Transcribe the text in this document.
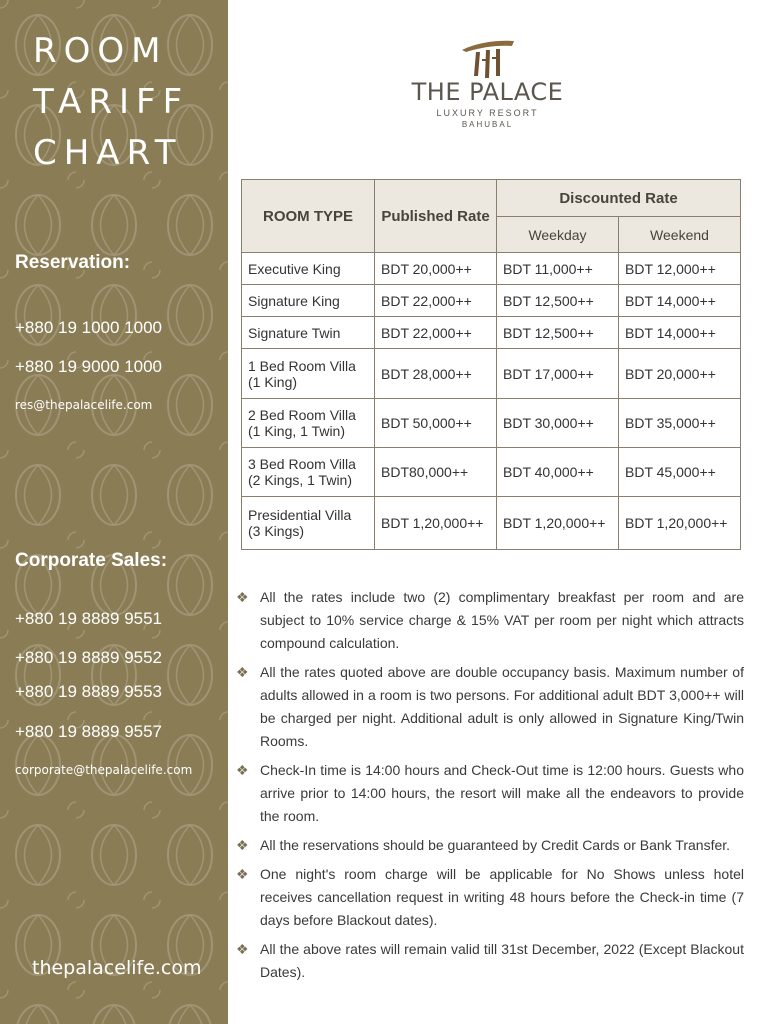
ROOM
TARIFF
CHART
Reservation:
+880 19 1000 1000
+880 19 9000 1000
res@thepalacelife.com
Corporate Sales:
+880 19 8889 9551
+880 19 8889 9552
+880 19 8889 9553
+880 19 8889 9557
corporate@thepalacelife.com
thepalacelife.com
THE PALACE
LUXURY RESORT
BAHUBAL
ROOM TYPE	Published Rate	Discounted Rate	
		Weekday	Weekend
Executive King	BDT 20,000++	BDT 11,000++	BDT 12,000++
Signature King	BDT 22,000++	BDT 12,500++	BDT 14,000++
Signature Twin	BDT 22,000++	BDT 12,500++	BDT 14,000++
1 Bed Room Villa
(1 King)	BDT 28,000++	BDT 17,000++	BDT 20,000++
2 Bed Room Villa
(1 King, 1 Twin)	BDT 50,000++	BDT 30,000++	BDT 35,000++
3 Bed Room Villa
(2 Kings, 1 Twin)	BDT80,000++	BDT 40,000++	BDT 45,000++
Presidential Villa
(3 Kings)	BDT 1,20,000++	BDT 1,20,000++	BDT 1,20,000++
❖ All the rates include two (2) complimentary breakfast per room and are subject to 10% service charge & 15% VAT per room per night which attracts compound calculation.
❖ All the rates quoted above are double occupancy basis. Maximum number of adults allowed in a room is two persons. For additional adult BDT 3,000++ will be charged per night. Additional adult is only allowed in Signature King/Twin Rooms.
❖ Check-In time is 14:00 hours and Check-Out time is 12:00 hours. Guests who arrive prior to 14:00 hours, the resort will make all the endeavors to provide the room.
❖ All the reservations should be guaranteed by Credit Cards or Bank Transfer.
❖ One night's room charge will be applicable for No Shows unless hotel receives cancellation request in writing 48 hours before the Check-in time (7 days before Blackout dates).
❖ All the above rates will remain valid till 31st December, 2022 (Except Blackout Dates).
